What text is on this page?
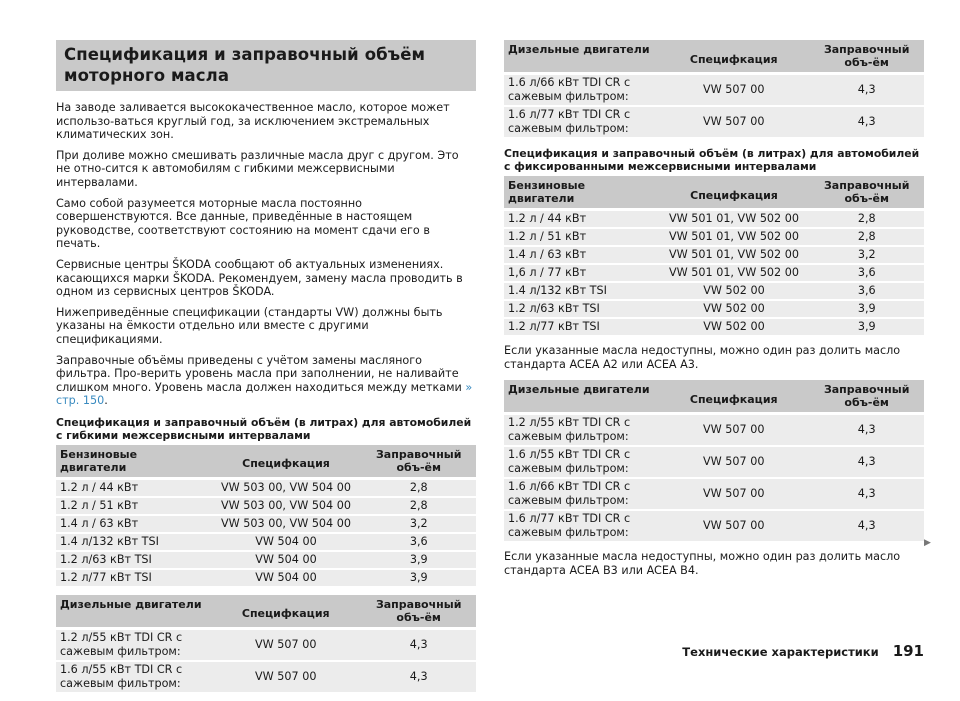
Спецификация и заправочный объём моторного масла

На заводе заливается высококачественное масло, которое может использо-ваться круглый год, за исключением экстремальных климатических зон.

При доливе можно смешивать различные масла друг с другом. Это не отно-сится к автомобилям с гибкими межсервисными интервалами.

Само собой разумеется моторные масла постоянно совершенствуются. Все данные, приведённые в настоящем руководстве, соответствуют состоянию на момент сдачи его в печать.

Сервисные центры ŠKODA сообщают об актуальных изменениях. касающихся марки ŠKODA. Рекомендуем, замену масла проводить в одном из сервисных центров ŠKODA.

Нижеприведённые спецификации (стандарты VW) должны быть указаны на ёмкости отдельно или вместе с другими спецификациями.

Заправочные объёмы приведены с учётом замены масляного фильтра. Про-верить уровень масла при заполнении, не наливайте слишком много. Уровень масла должен находиться между метками » стр. 150.

Спецификация и заправочный объём (в литрах) для автомобилей с гибкими межсервисными интервалами
Бензиновые двигатели	Специфкация	Заправочный объ-ём
1.2 л / 44 кВт	VW 503 00, VW 504 00	2,8
1.2 л / 51 кВт	VW 503 00, VW 504 00	2,8
1.4 л / 63 кВт	VW 503 00, VW 504 00	3,2
1.4 л/132 кВт TSI	VW 504 00	3,6
1.2 л/63 кВт TSI	VW 504 00	3,9
1.2 л/77 кВт TSI	VW 504 00	3,9
Дизельные двигатели	Специфкация	Заправочный объ-ём
1.2 л/55 кВт TDI CR с сажевым фильтром:	VW 507 00	4,3
1.6 л/55 кВт TDI CR с сажевым фильтром:	VW 507 00	4,3
Дизельные двигатели	Специфкация	Заправочный объ-ём
1.6 л/66 кВт TDI CR с сажевым фильтром:	VW 507 00	4,3
1.6 л/77 кВт TDI CR с сажевым фильтром:	VW 507 00	4,3
Спецификация и заправочный объём (в литрах) для автомобилей с фиксированными межсервисными интервалами
Бензиновые двигатели	Специфкация	Заправочный объ-ём
1.2 л / 44 кВт	VW 501 01, VW 502 00	2,8
1.2 л / 51 кВт	VW 501 01, VW 502 00	2,8
1.4 л / 63 кВт	VW 501 01, VW 502 00	3,2
1,6 л / 77 кВт	VW 501 01, VW 502 00	3,6
1.4 л/132 кВт TSI	VW 502 00	3,6
1.2 л/63 кВт TSI	VW 502 00	3,9
1.2 л/77 кВт TSI	VW 502 00	3,9

Если указанные масла недоступны, можно один раз долить масло стандарта ACEA A2 или ACEA A3.

Дизельные двигатели	Специфкация	Заправочный объ-ём
1.2 л/55 кВт TDI CR с сажевым фильтром:	VW 507 00	4,3
1.6 л/55 кВт TDI CR с сажевым фильтром:	VW 507 00	4,3
1.6 л/66 кВт TDI CR с сажевым фильтром:	VW 507 00	4,3
1.6 л/77 кВт TDI CR с сажевым фильтром:	VW 507 00	4,3

Если указанные масла недоступны, можно один раз долить масло стандарта ACEA B3 или ACEA B4.

▶
Технические характеристики 191
